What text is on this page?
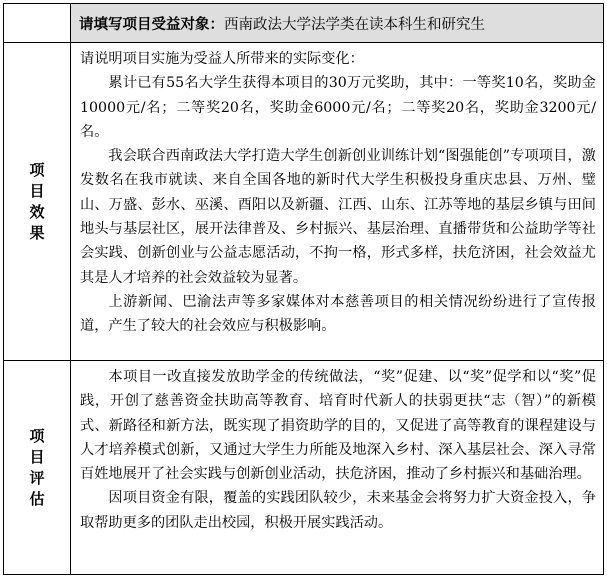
	请填写项目受益对象：西南政法大学法学类在读本科生和研究生
项目效果	请说明项目实施为受益人所带来的实际变化：

累计已有55名大学生获得本项目的30万元奖助，其中：一等奖10名，奖助金10000元/名；二等奖20名，奖助金6000元/名；二等奖20名，奖助金3200元/名。

我会联合西南政法大学打造大学生创新创业训练计划“图强能创”专项项目，激发数名在我市就读、来自全国各地的新时代大学生积极投身重庆忠县、万州、璧山、万盛、彭水、巫溪、酉阳以及新疆、江西、山东、江苏等地的基层乡镇与田间地头与基层社区，展开法律普及、乡村振兴、基层治理、直播带货和公益助学等社会实践、创新创业与公益志愿活动，不拘一格，形式多样，扶危济困，社会效益尤其是人才培养的社会效益较为显著。

上游新闻、巴渝法声等多家媒体对本慈善项目的相关情况纷纷进行了宣传报道，产生了较大的社会效应与积极影响。

项目评估	本项目一改直接发放助学金的传统做法，“奖”促建、以“奖”促学和以“奖”促践，开创了慈善资金扶助高等教育、培育时代新人的扶弱更扶“志（智）”的新模式、新路径和新方法，既实现了捐资助学的目的，又促进了高等教育的课程建设与人才培养模式创新，又通过大学生力所能及地深入乡村、深入基层社会、深入寻常百姓地展开了社会实践与创新创业活动，扶危济困，推动了乡村振兴和基础治理。

因项目资金有限，覆盖的实践团队较少，未来基金会将努力扩大资金投入，争取帮助更多的团队走出校园，积极开展实践活动。
